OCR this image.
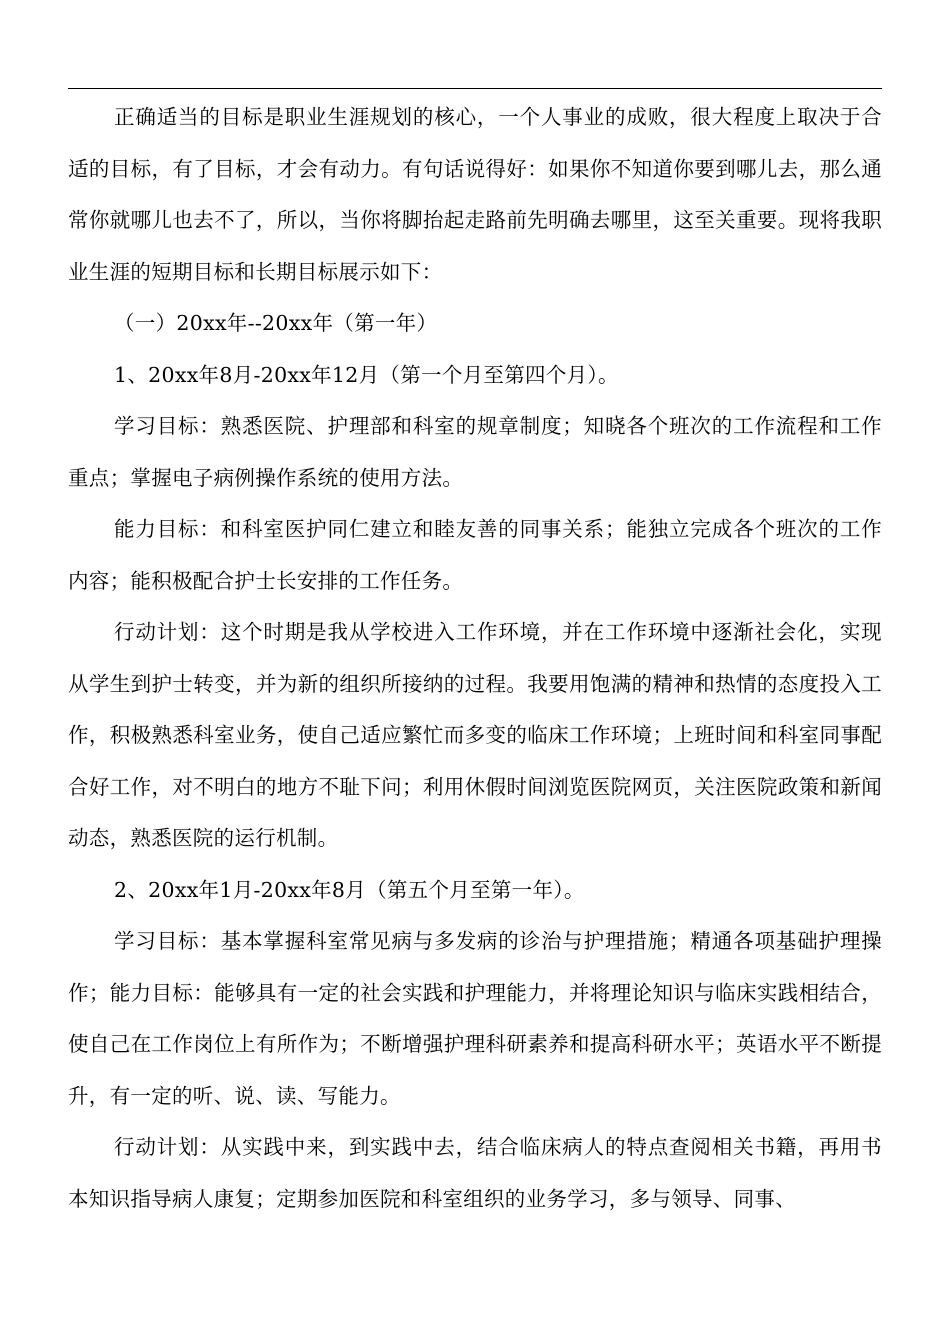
正确适当的目标是职业生涯规划的核心，一个人事业的成败，很大程度上取决于合适的目标，有了目标，才会有动力。有句话说得好：如果你不知道你要到哪儿去，那么通常你就哪儿也去不了，所以，当你将脚抬起走路前先明确去哪里，这至关重要。现将我职业生涯的短期目标和长期目标展示如下：

（一）20xx年--20xx年（第一年）

1、20xx年8月-20xx年12月（第一个月至第四个月）。

学习目标：熟悉医院、护理部和科室的规章制度；知晓各个班次的工作流程和工作重点；掌握电子病例操作系统的使用方法。

能力目标：和科室医护同仁建立和睦友善的同事关系；能独立完成各个班次的工作内容；能积极配合护士长安排的工作任务。

行动计划：这个时期是我从学校进入工作环境，并在工作环境中逐渐社会化，实现从学生到护士转变，并为新的组织所接纳的过程。我要用饱满的精神和热情的态度投入工作，积极熟悉科室业务，使自己适应繁忙而多变的临床工作环境；上班时间和科室同事配合好工作，对不明白的地方不耻下问；利用休假时间浏览医院网页，关注医院政策和新闻动态，熟悉医院的运行机制。

2、20xx年1月-20xx年8月（第五个月至第一年）。

学习目标：基本掌握科室常见病与多发病的诊治与护理措施；精通各项基础护理操作；能力目标：能够具有一定的社会实践和护理能力，并将理论知识与临床实践相结合，使自己在工作岗位上有所作为；不断增强护理科研素养和提高科研水平；英语水平不断提升，有一定的听、说、读、写能力。

行动计划：从实践中来，到实践中去，结合临床病人的特点查阅相关书籍，再用书本知识指导病人康复；定期参加医院和科室组织的业务学习，多与领导、同事、
